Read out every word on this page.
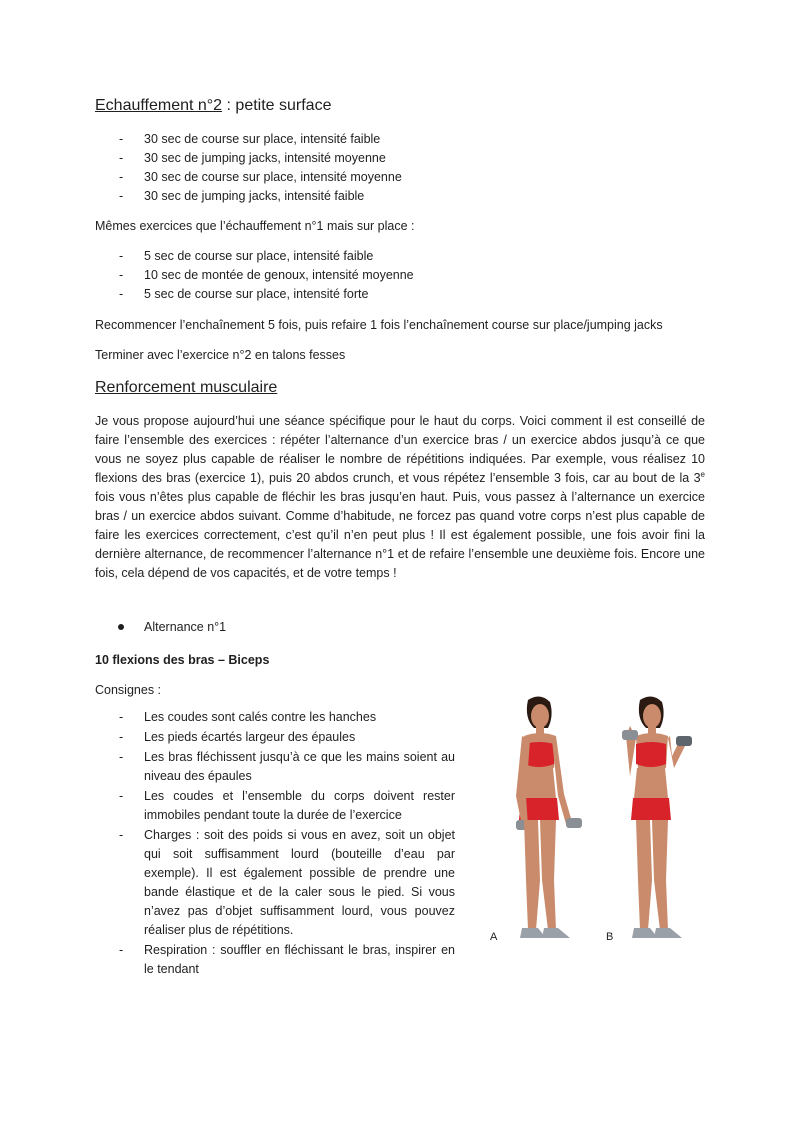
Echauffement n°2 : petite surface
- 30 sec de course sur place, intensité faible
- 30 sec de jumping jacks, intensité moyenne
- 30 sec de course sur place, intensité moyenne
- 30 sec de jumping jacks, intensité faible
Mêmes exercices que l’échauffement n°1 mais sur place :
- 5 sec de course sur place, intensité faible
- 10 sec de montée de genoux, intensité moyenne
- 5 sec de course sur place, intensité forte
Recommencer l’enchaînement 5 fois, puis refaire 1 fois l’enchaînement course sur place/jumping jacks
Terminer avec l’exercice n°2 en talons fesses
Renforcement musculaire
Je vous propose aujourd’hui une séance spécifique pour le haut du corps. Voici comment il est conseillé de faire l’ensemble des exercices : répéter l’alternance d’un exercice bras / un exercice abdos jusqu’à ce que vous ne soyez plus capable de réaliser le nombre de répétitions indiquées. Par exemple, vous réalisez 10 flexions des bras (exercice 1), puis 20 abdos crunch, et vous répétez l’ensemble 3 fois, car au bout de la 3e fois vous n’êtes plus capable de fléchir les bras jusqu’en haut. Puis, vous passez à l’alternance un exercice bras / un exercice abdos suivant. Comme d’habitude, ne forcez pas quand votre corps n’est plus capable de faire les exercices correctement, c’est qu’il n’en peut plus ! Il est également possible, une fois avoir fini la dernière alternance, de recommencer l’alternance n°1 et de refaire l’ensemble une deuxième fois. Encore une fois, cela dépend de vos capacités, et de votre temps !
Alternance n°1
10 flexions des bras – Biceps
Consignes :
- Les coudes sont calés contre les hanches
- Les pieds écartés largeur des épaules
- Les bras fléchissent jusqu’à ce que les mains soient au niveau des épaules
- Les coudes et l’ensemble du corps doivent rester immobiles pendant toute la durée de l’exercice
- Charges : soit des poids si vous en avez, soit un objet qui soit suffisamment lourd (bouteille d’eau par exemple). Il est également possible de prendre une bande élastique et de la caler sous le pied. Si vous n’avez pas d’objet suffisamment lourd, vous pouvez réaliser plus de répétitions.
- Respiration : souffler en fléchissant le bras, inspirer en le tendant
A	B
